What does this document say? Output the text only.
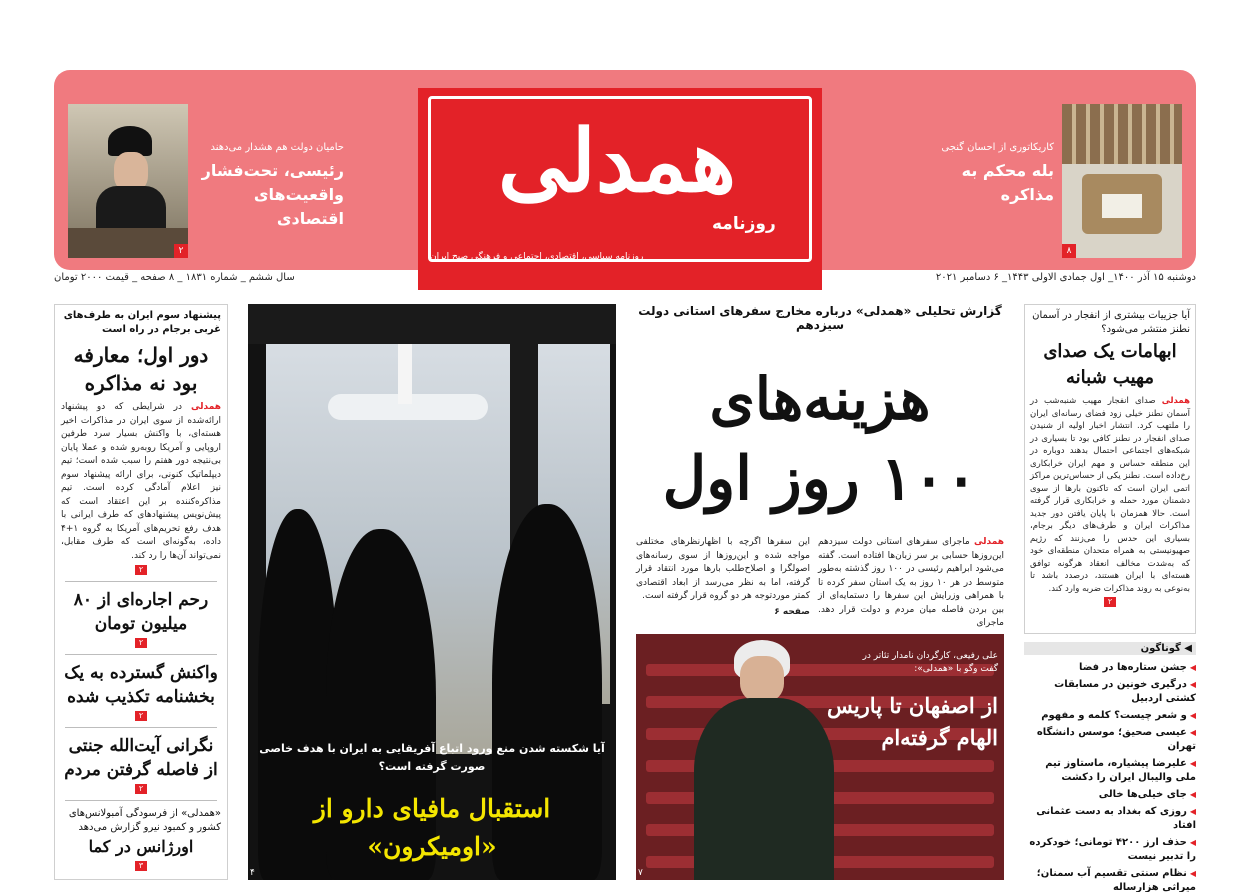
۲
حامیان دولت هم هشدار می‌دهند
رئیسی، تحت‌فشار واقعیت‌های اقتصادی
همدلی
روزنامه
روزنامه سیاسی، اقتصادی، اجتماعی و فرهنگی صبح ایران
کاریکاتوری از احسان گنجی
بله محکم به مذاکره
۸
دوشنبه ۱۵ آذر ۱۴۰۰_ اول جمادی الاولی ۱۴۴۳_ ۶ دسامبر ۲۰۲۱
سال ششم _ شماره ۱۸۳۱ _ ۸ صفحه _ قیمت ۲۰۰۰ تومان
پیشنهاد سوم ایران به طرف‌های غربی برجام در راه است
دور اول؛ معارفه بود نه مذاکره
همدلی در شرایطی که دو پیشنهاد ارائه‌شده از سوی ایران در مذاکرات اخیر هسته‌ای، با واکنش بسیار سرد طرفین اروپایی و آمریکا روبه‌رو شده و عملا پایان بی‌نتیجه دور هفتم را سبب شده است؛ تیم دیپلماتیک کنونی، برای ارائه پیشنهاد سوم نیز اعلام آمادگی کرده است. تیم مذاکره‌کننده بر این اعتقاد است که پیش‌نویس پیشنهادهای که طرف ایرانی با هدف رفع تحریم‌های آمریکا به گروه ۱+۴ داده، به‌گونه‌ای است که طرف مقابل، نمی‌تواند آن‌ها را رد کند.
۲
رحم اجاره‌ای از ۸۰ میلیون تومان
۲
واکنش گسترده به یک بخشنامه تکذیب شده
۲
نگرانی آیت‌الله جنتی از فاصله گرفتن مردم
۲
«همدلی» از فرسودگی آمبولانس‌های کشور و کمبود نیرو گزارش می‌دهد
اورژانس در کما
۳
آیا شکسته شدن منع ورود اتباع آفریقایی به ایران با هدف خاصی صورت گرفته است؟
استقبال مافیای دارو از «اومیکرون»
۴
گزارش تحلیلی «همدلی» درباره مخارج سفرهای استانی دولت سیزدهم
هزینه‌های
۱۰۰ روز اول
همدلی ماجرای سفرهای استانی دولت سیزدهم این‌روزها حسابی بر سر زبان‌ها افتاده است. گفته می‌شود ابراهیم رئیسی در ۱۰۰ روز گذشته به‌طور متوسط در هر ۱۰ روز به یک استان سفر کرده تا با همراهی وزرایش این سفرها را دستمایه‌ای از بین بردن فاصله میان مردم و دولت قرار دهد. ماجرای
این سفرها اگرچه با اظهارنظرهای مختلفی مواجه شده و این‌روزها از سوی رسانه‌های اصولگرا و اصلاح‌طلب بارها مورد انتقاد قرار گرفته، اما به نظر می‌رسد از ابعاد اقتصادی کمتر موردتوجه هر دو گروه قرار گرفته است.
صفحه ۶
علی رفیعی، کارگردان نامدار تئاتر در گفت وگو با «همدلی»:
از اصفهان تا پاریس الهام گرفته‌ام
۷
آیا جزییات بیشتری از انفجار در آسمان نطنز منتشر می‌شود؟
ابهامات یک صدای مهیب شبانه
همدلی صدای انفجار مهیب شنبه‌شب در آسمان نطنز خیلی زود فضای رسانه‌ای ایران را ملتهب کرد. انتشار اخبار اولیه از شنیدن صدای انفجار در نطنز کافی بود تا بسیاری در شبکه‌های اجتماعی احتمال بدهند دوباره در این منطقه حساس و مهم ایران خرابکاری رخ‌داده است. نطنز یکی از حساس‌ترین مراکز اتمی ایران است که تاکنون بارها از سوی دشمنان مورد حمله و خرابکاری قرار گرفته است. حالا همزمان با پایان یافتن دور جدید مذاکرات ایران و طرف‌های دیگر برجام، بسیاری این حدس را می‌زنند که رژیم صهیونیستی به همراه متحدان منطقه‌ای خود که به‌شدت مخالف انعقاد هرگونه توافق هسته‌ای با ایران هستند، درصدد باشد تا به‌نوعی به روند مذاکرات ضربه وارد کند.
۲
◀ گوناگون
◀ جشن ستاره‌ها در فضا
◀ درگیری خونین در مسابقات کشتی اردبیل
◀ و شعر چیست؟ کلمه و مفهوم
◀ عیسی صحیق؛ موسس دانشگاه تهران
◀ علیرضا پیشیاره، ماستاوز تیم ملی والیبال ایران را دکشت
◀ جای خیلی‌ها خالی
◀ روزی که بغداد به دست عثمانی افتاد
◀ حذف ارز ۴۲۰۰ تومانی؛ خودکرده را تدبیر نیست
◀ نظام سنتی تقسیم آب سمنان؛ میراثی هزارساله
